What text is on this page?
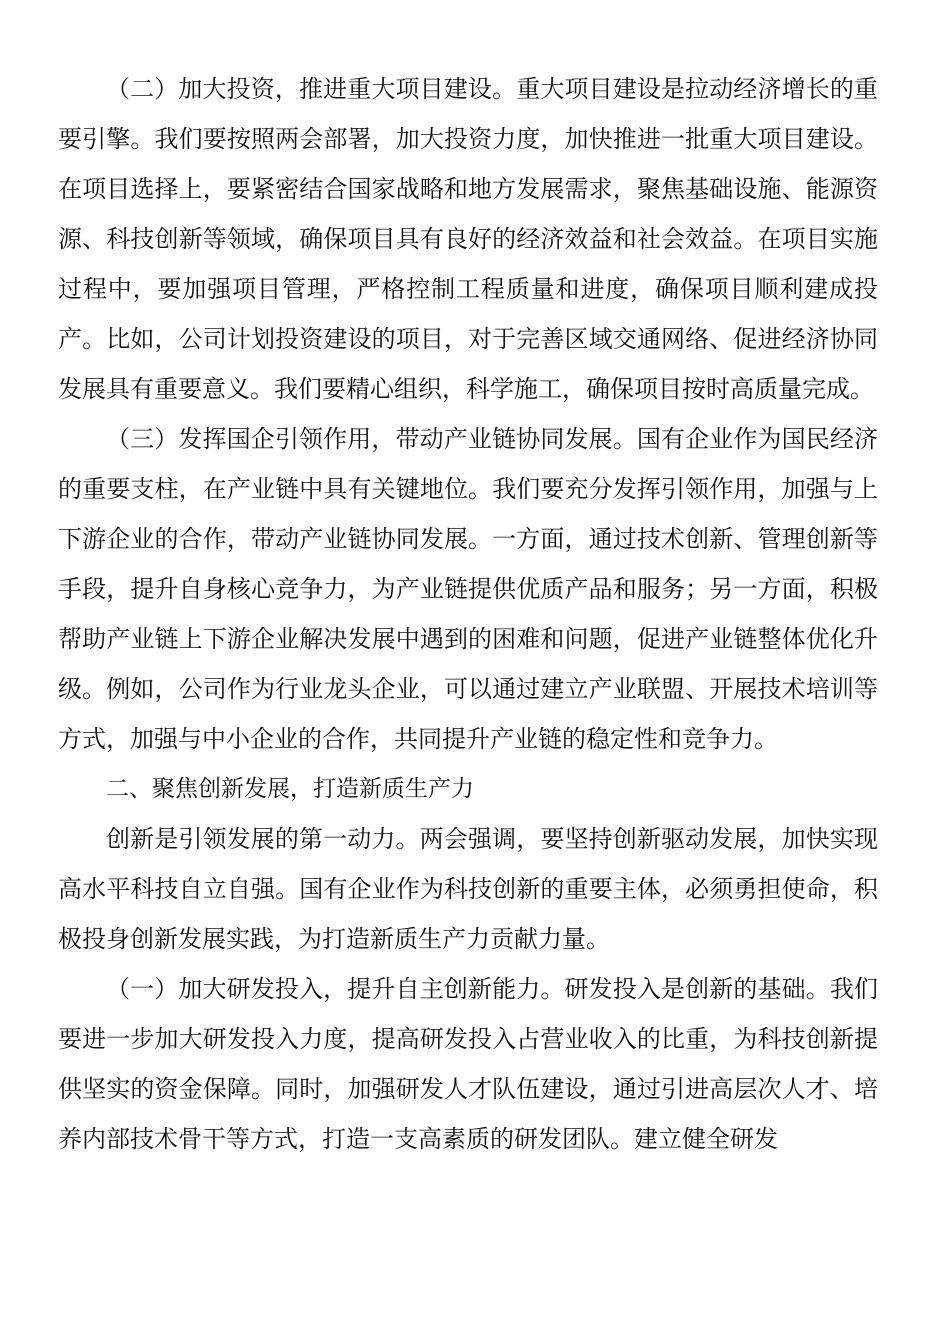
（二）加大投资，推进重大项目建设。重大项目建设是拉动经济增长的重要引擎。我们要按照两会部署，加大投资力度，加快推进一批重大项目建设。在项目选择上，要紧密结合国家战略和地方发展需求，聚焦基础设施、能源资源、科技创新等领域，确保项目具有良好的经济效益和社会效益。在项目实施过程中，要加强项目管理，严格控制工程质量和进度，确保项目顺利建成投产。比如，公司计划投资建设的项目，对于完善区域交通网络、促进经济协同发展具有重要意义。我们要精心组织，科学施工，确保项目按时高质量完成。

（三）发挥国企引领作用，带动产业链协同发展。国有企业作为国民经济的重要支柱，在产业链中具有关键地位。我们要充分发挥引领作用，加强与上下游企业的合作，带动产业链协同发展。一方面，通过技术创新、管理创新等手段，提升自身核心竞争力，为产业链提供优质产品和服务；另一方面，积极帮助产业链上下游企业解决发展中遇到的困难和问题，促进产业链整体优化升级。例如，公司作为行业龙头企业，可以通过建立产业联盟、开展技术培训等方式，加强与中小企业的合作，共同提升产业链的稳定性和竞争力。

二、聚焦创新发展，打造新质生产力

创新是引领发展的第一动力。两会强调，要坚持创新驱动发展，加快实现高水平科技自立自强。国有企业作为科技创新的重要主体，必须勇担使命，积极投身创新发展实践，为打造新质生产力贡献力量。

（一）加大研发投入，提升自主创新能力。研发投入是创新的基础。我们要进一步加大研发投入力度，提高研发投入占营业收入的比重，为科技创新提供坚实的资金保障。同时，加强研发人才队伍建设，通过引进高层次人才、培养内部技术骨干等方式，打造一支高素质的研发团队。建立健全研发
